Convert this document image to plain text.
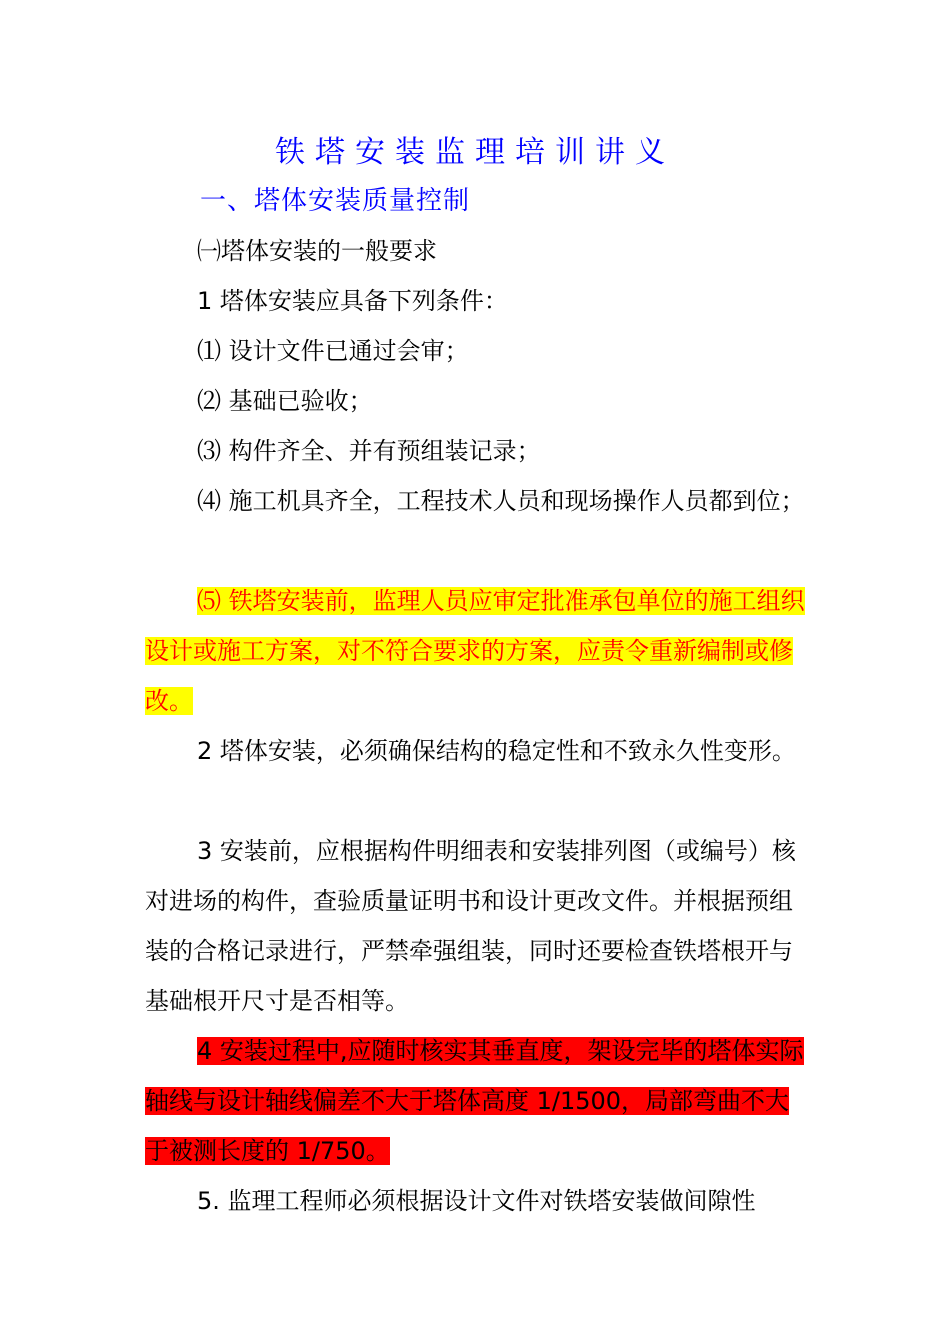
铁塔安装监理培训讲义
一、塔体安装质量控制
㈠塔体安装的一般要求
1 塔体安装应具备下列条件：
⑴ 设计文件已通过会审；
⑵ 基础已验收；
⑶ 构件齐全、并有预组装记录；
⑷ 施工机具齐全，工程技术人员和现场操作人员都到位；
⑸ 铁塔安装前，监理人员应审定批准承包单位的施工组织设计或施工方案，对不符合要求的方案，应责令重新编制或修改。
2 塔体安装，必须确保结构的稳定性和不致永久性变形。
3 安装前，应根据构件明细表和安装排列图（或编号）核对进场的构件，查验质量证明书和设计更改文件。并根据预组装的合格记录进行，严禁牵强组装，同时还要检查铁塔根开与基础根开尺寸是否相等。
4 安装过程中,应随时核实其垂直度，架设完毕的塔体实际轴线与设计轴线偏差不大于塔体高度 1/1500，局部弯曲不大于被测长度的 1/750。
5. 监理工程师必须根据设计文件对铁塔安装做间隙性
